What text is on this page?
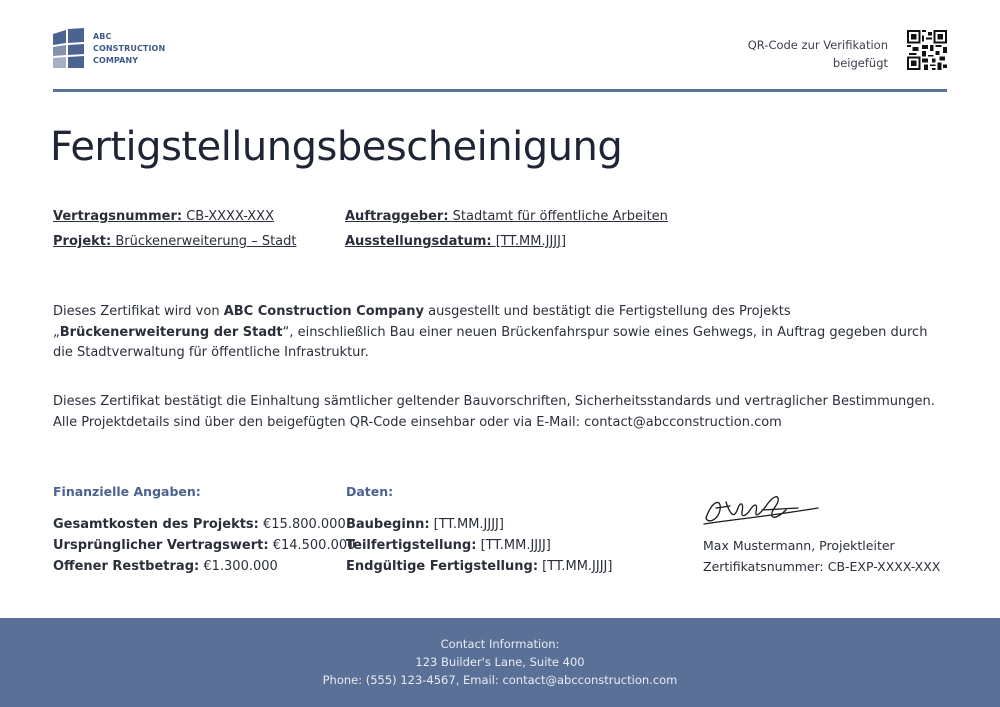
ABC
CONSTRUCTION
COMPANY
QR-Code zur Verifikation
beigefügt
Fertigstellungsbescheinigung
Vertragsnummer: CB-XXXX-XXX
Projekt: Brückenerweiterung – Stadt
Auftraggeber: Stadtamt für öffentliche Arbeiten
Ausstellungsdatum: [TT.MM.JJJJ]

Dieses Zertifikat wird von ABC Construction Company ausgestellt und bestätigt die Fertigstellung des Projekts „Brückenerweiterung der Stadt“, einschließlich Bau einer neuen Brückenfahrspur sowie eines Gehwegs, in Auftrag gegeben durch die Stadtverwaltung für öffentliche Infrastruktur.

Dieses Zertifikat bestätigt die Einhaltung sämtlicher geltender Bauvorschriften, Sicherheitsstandards und vertraglicher Bestimmungen. Alle Projektdetails sind über den beigefügten QR-Code einsehbar oder via E-Mail: contact@abcconstruction.com

Finanzielle Angaben:
Gesamtkosten des Projekts: €15.800.000
Ursprünglicher Vertragswert: €14.500.000
Offener Restbetrag: €1.300.000
Daten:
Baubeginn: [TT.MM.JJJJ]
Teilfertigstellung: [TT.MM.JJJJ]
Endgültige Fertigstellung: [TT.MM.JJJJ]
Max Mustermann, Projektleiter
Zertifikatsnummer: CB-EXP-XXXX-XXX
Contact Information:
123 Builder's Lane, Suite 400
Phone: (555) 123-4567, Email: contact@abcconstruction.com
